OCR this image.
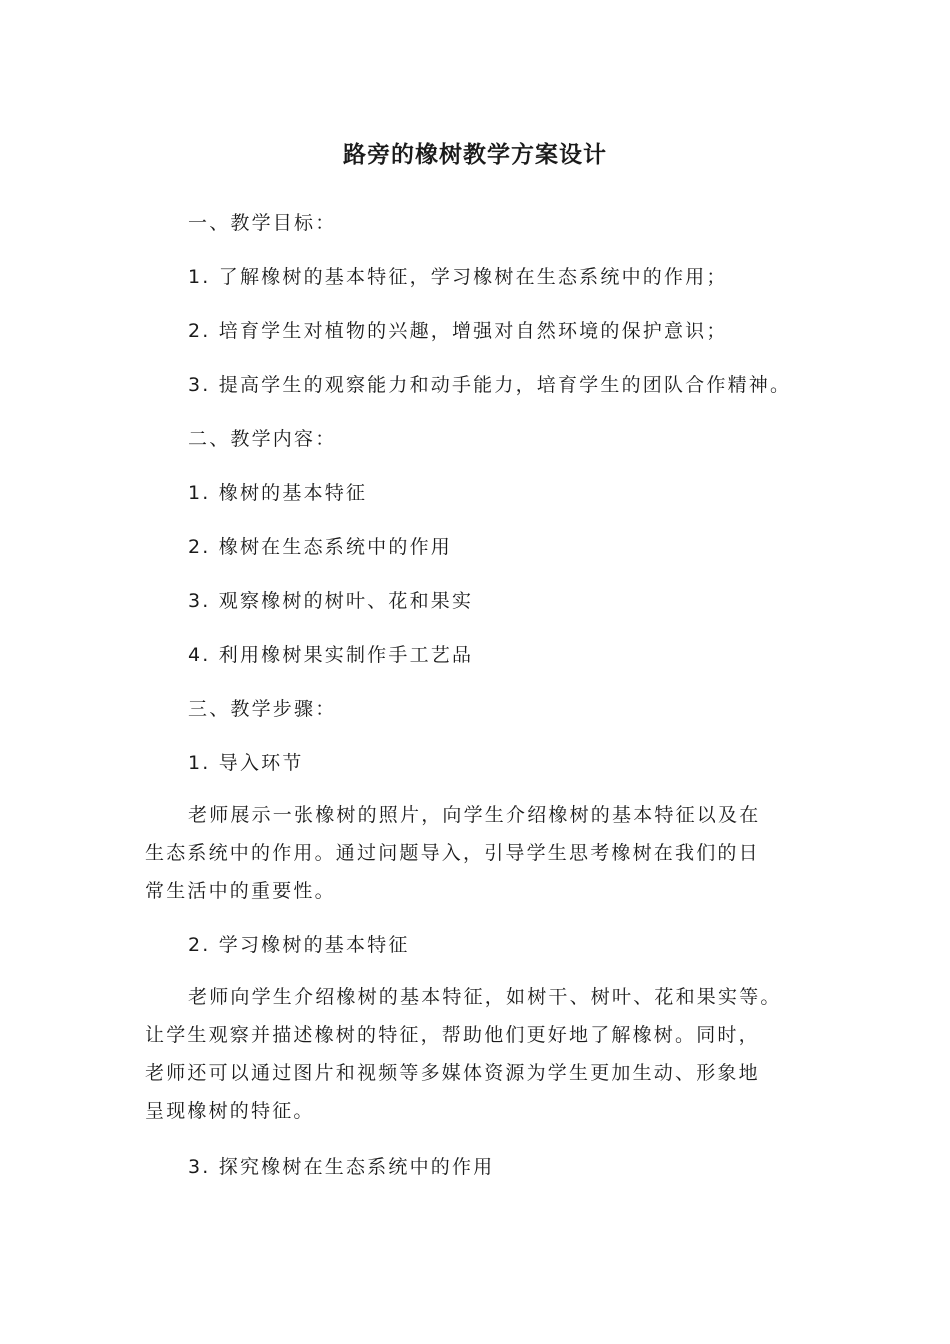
路旁的橡树教学方案设计
一、教学目标：
1. 了解橡树的基本特征，学习橡树在生态系统中的作用；
2. 培育学生对植物的兴趣，增强对自然环境的保护意识；
3. 提高学生的观察能力和动手能力，培育学生的团队合作精神。
二、教学内容：
1. 橡树的基本特征
2. 橡树在生态系统中的作用
3. 观察橡树的树叶、花和果实
4. 利用橡树果实制作手工艺品
三、教学步骤：
1. 导入环节
老师展示一张橡树的照片，向学生介绍橡树的基本特征以及在
生态系统中的作用。通过问题导入，引导学生思考橡树在我们的日
常生活中的重要性。
2. 学习橡树的基本特征
老师向学生介绍橡树的基本特征，如树干、树叶、花和果实等。
让学生观察并描述橡树的特征，帮助他们更好地了解橡树。同时，
老师还可以通过图片和视频等多媒体资源为学生更加生动、形象地
呈现橡树的特征。
3. 探究橡树在生态系统中的作用
